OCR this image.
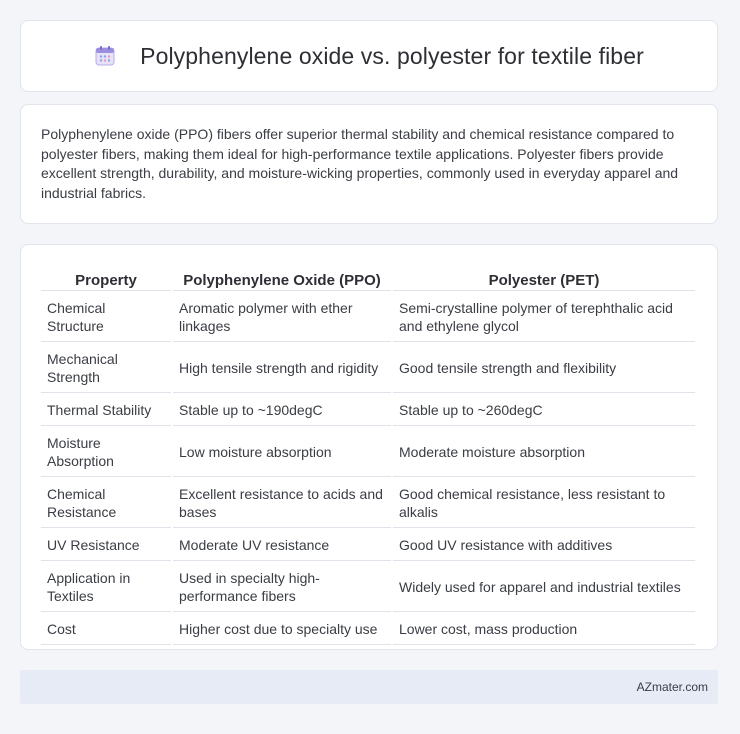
Polyphenylene oxide vs. polyester for textile fiber

Polyphenylene oxide (PPO) fibers offer superior thermal stability and chemical resistance compared to polyester fibers, making them ideal for high-performance textile applications. Polyester fibers provide excellent strength, durability, and moisture-wicking properties, commonly used in everyday apparel and industrial fabrics.

Property	Polyphenylene Oxide (PPO)	Polyester (PET)
Chemical Structure	Aromatic polymer with ether linkages	Semi-crystalline polymer of terephthalic acid and ethylene glycol
Mechanical Strength	High tensile strength and rigidity	Good tensile strength and flexibility
Thermal Stability	Stable up to ~190degC	Stable up to ~260degC
Moisture Absorption	Low moisture absorption	Moderate moisture absorption
Chemical Resistance	Excellent resistance to acids and bases	Good chemical resistance, less resistant to alkalis
UV Resistance	Moderate UV resistance	Good UV resistance with additives
Application in Textiles	Used in specialty high-performance fibers	Widely used for apparel and industrial textiles
Cost	Higher cost due to specialty use	Lower cost, mass production
AZmater.com
